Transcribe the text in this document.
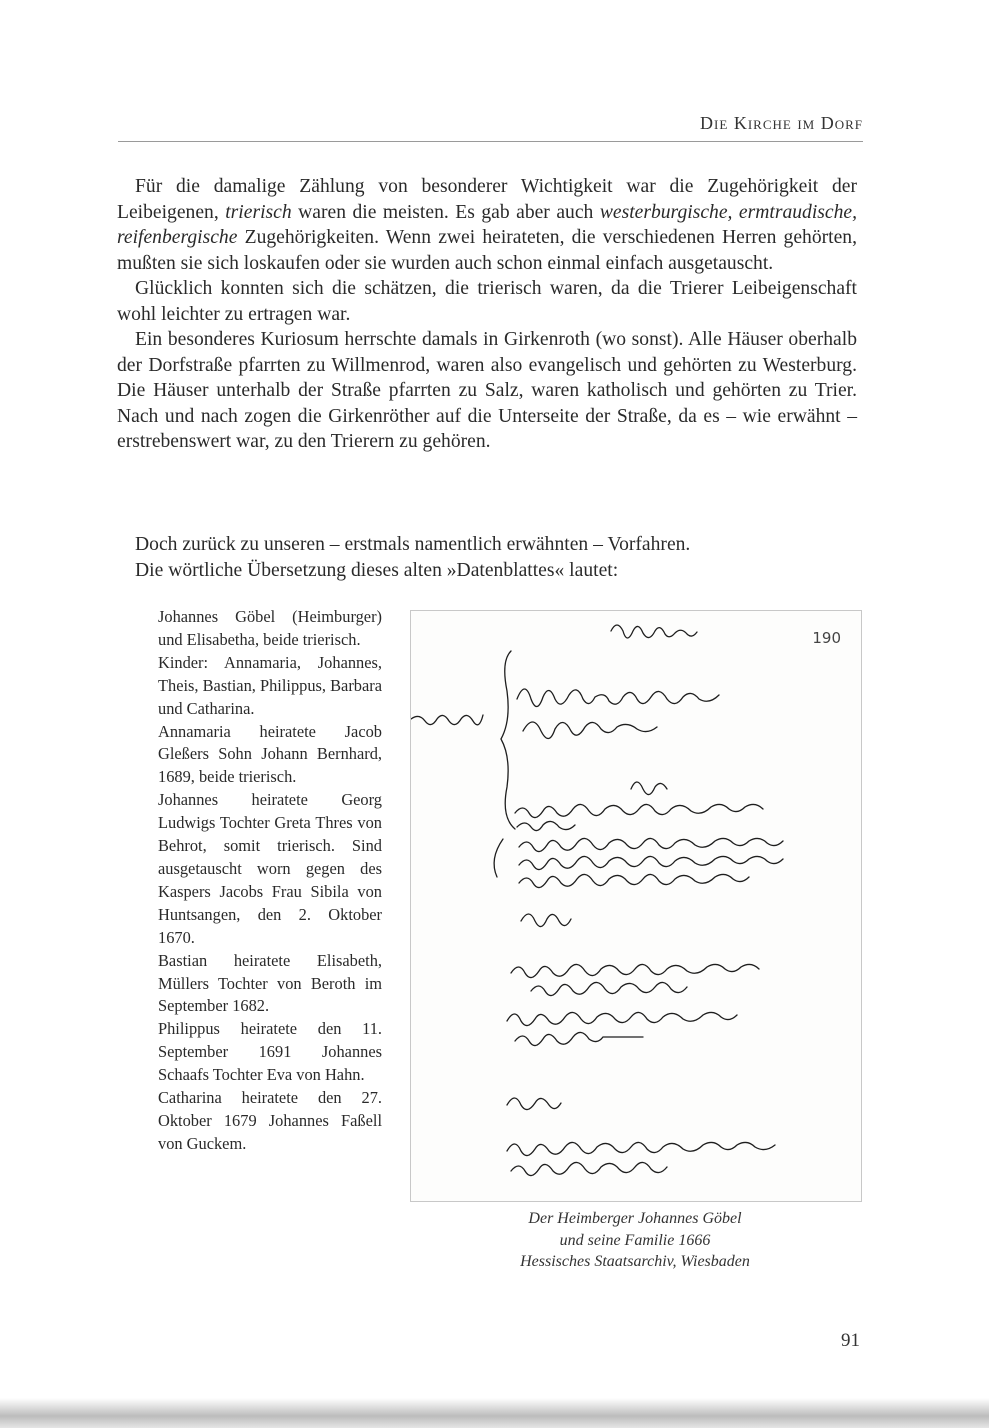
Die Kirche im Dorf

Für die damalige Zählung von besonderer Wichtigkeit war die Zugehörigkeit der Leibeigenen, trierisch waren die meisten. Es gab aber auch westerburgische, ermtraudische, reifenbergische Zugehörigkeiten. Wenn zwei heirateten, die verschiedenen Herren gehörten, mußten sie sich loskaufen oder sie wurden auch schon einmal einfach ausgetauscht.

Glücklich konnten sich die schätzen, die trierisch waren, da die Trierer Leibeigenschaft wohl leichter zu ertragen war.

Ein besonderes Kuriosum herrschte damals in Girkenroth (wo sonst). Alle Häuser oberhalb der Dorfstraße pfarrten zu Willmenrod, waren also evangelisch und gehörten zu Westerburg. Die Häuser unterhalb der Straße pfarrten zu Salz, waren katholisch und gehörten zu Trier. Nach und nach zogen die Girkenröther auf die Unterseite der Straße, da es – wie erwähnt – erstrebenswert war, zu den Trierern zu gehören.

Doch zurück zu unseren – erstmals namentlich erwähnten – Vorfahren.
Die wörtliche Übersetzung dieses alten »Datenblattes« lautet:

Johannes Göbel (Heimburger) und Elisabetha, beide trierisch.

Kinder: Annamaria, Johannes, Theis, Bastian, Philippus, Barbara und Catharina.

Annamaria heiratete Jacob Gleßers Sohn Johann Bernhard, 1689, beide trierisch.

Johannes heiratete Georg Ludwigs Tochter Greta Thres von Behrot, somit trierisch. Sind ausgetauscht worn gegen des Kaspers Jacobs Frau Sibila von Huntsangen, den 2. Oktober 1670.

Bastian heiratete Elisabeth, Müllers Tochter von Beroth im September 1682.

Philippus heiratete den 11. September 1691 Johannes Schaafs Tochter Eva von Hahn.

Catharina heiratete den 27. Oktober 1679 Johannes Faßell von Guckem.

190
Der Heimberger Johannes Göbel
und seine Familie 1666
Hessisches Staatsarchiv, Wiesbaden
91
